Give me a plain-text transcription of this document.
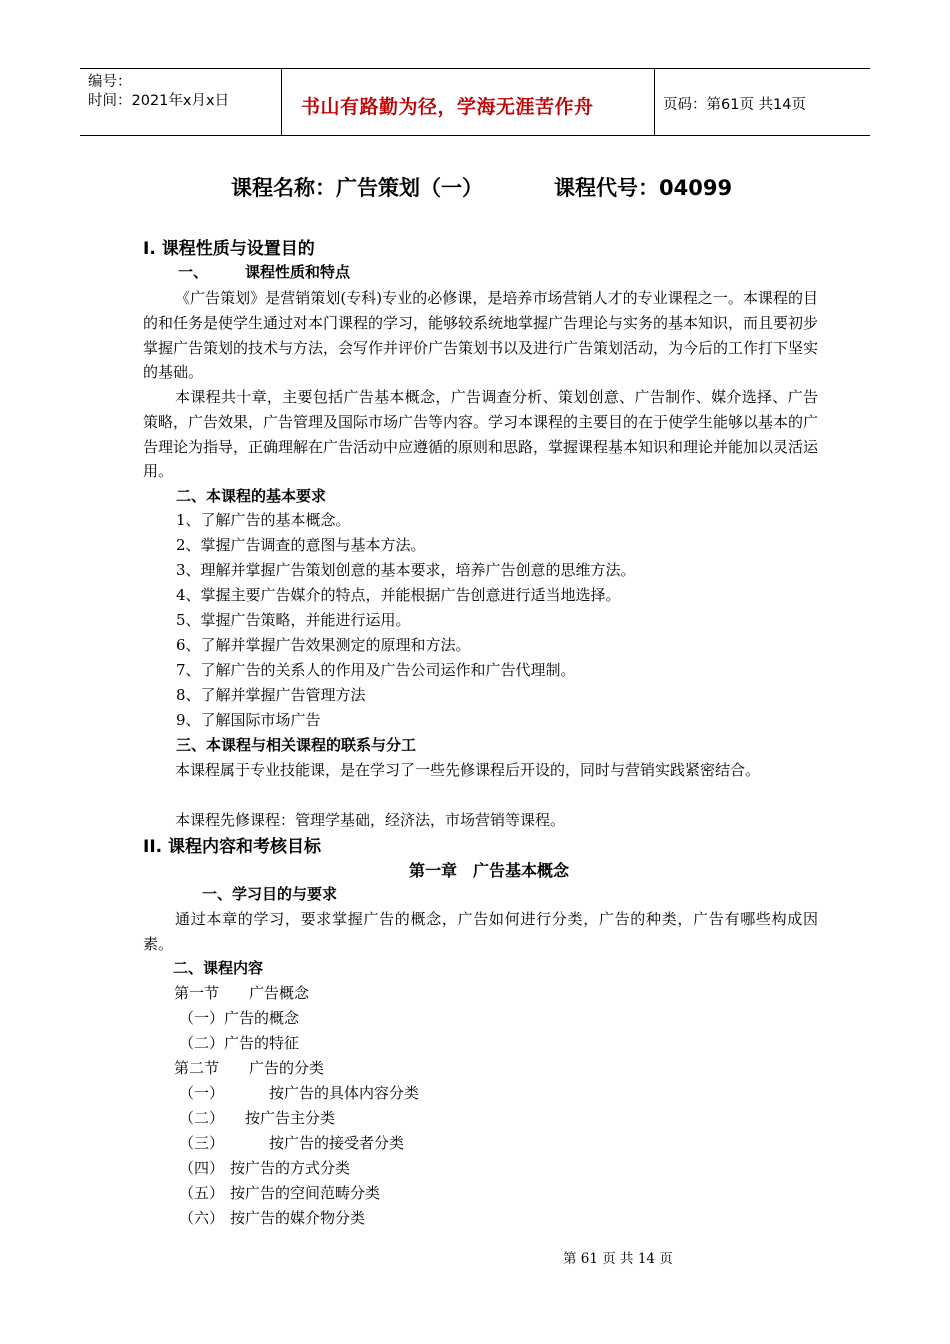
编号：
时间：2021年x月x日	书山有路勤为径，学海无涯苦作舟	页码：第61页 共14页
课程名称：广告策划（一）	课程代号：04099
I. 课程性质与设置目的
一、 课程性质和特点
《广告策划》是营销策划(专科)专业的必修课，是培养市场营销人才的专业课程之一。本课程的目的和任务是使学生通过对本门课程的学习，能够较系统地掌握广告理论与实务的基本知识，而且要初步掌握广告策划的技术与方法，会写作并评价广告策划书以及进行广告策划活动，为今后的工作打下坚实的基础。
本课程共十章，主要包括广告基本概念，广告调查分析、策划创意、广告制作、媒介选择、广告策略，广告效果，广告管理及国际市场广告等内容。学习本课程的主要目的在于使学生能够以基本的广告理论为指导，正确理解在广告活动中应遵循的原则和思路，掌握课程基本知识和理论并能加以灵活运用。
二、本课程的基本要求
1、了解广告的基本概念。
2、掌握广告调查的意图与基本方法。
3、理解并掌握广告策划创意的基本要求，培养广告创意的思维方法。
4、掌握主要广告媒介的特点，并能根据广告创意进行适当地选择。
5、掌握广告策略，并能进行运用。
6、了解并掌握广告效果测定的原理和方法。
7、了解广告的关系人的作用及广告公司运作和广告代理制。
8、了解并掌握广告管理方法
9、了解国际市场广告
三、本课程与相关课程的联系与分工
本课程属于专业技能课，是在学习了一些先修课程后开设的，同时与营销实践紧密结合。
本课程先修课程：管理学基础，经济法，市场营销等课程。
II. 课程内容和考核目标
第一章　广告基本概念
一、学习目的与要求
通过本章的学习，要求掌握广告的概念，广告如何进行分类，广告的种类，广告有哪些构成因素。
二、课程内容
第一节　　广告概念
（一）广告的概念
（二）广告的特征
第二节　　广告的分类
（一）	按广告的具体内容分类
（二） 按广告主分类
（三）	按广告的接受者分类
（四） 按广告的方式分类
（五） 按广告的空间范畴分类
（六） 按广告的媒介物分类
第 61 页 共 14 页
